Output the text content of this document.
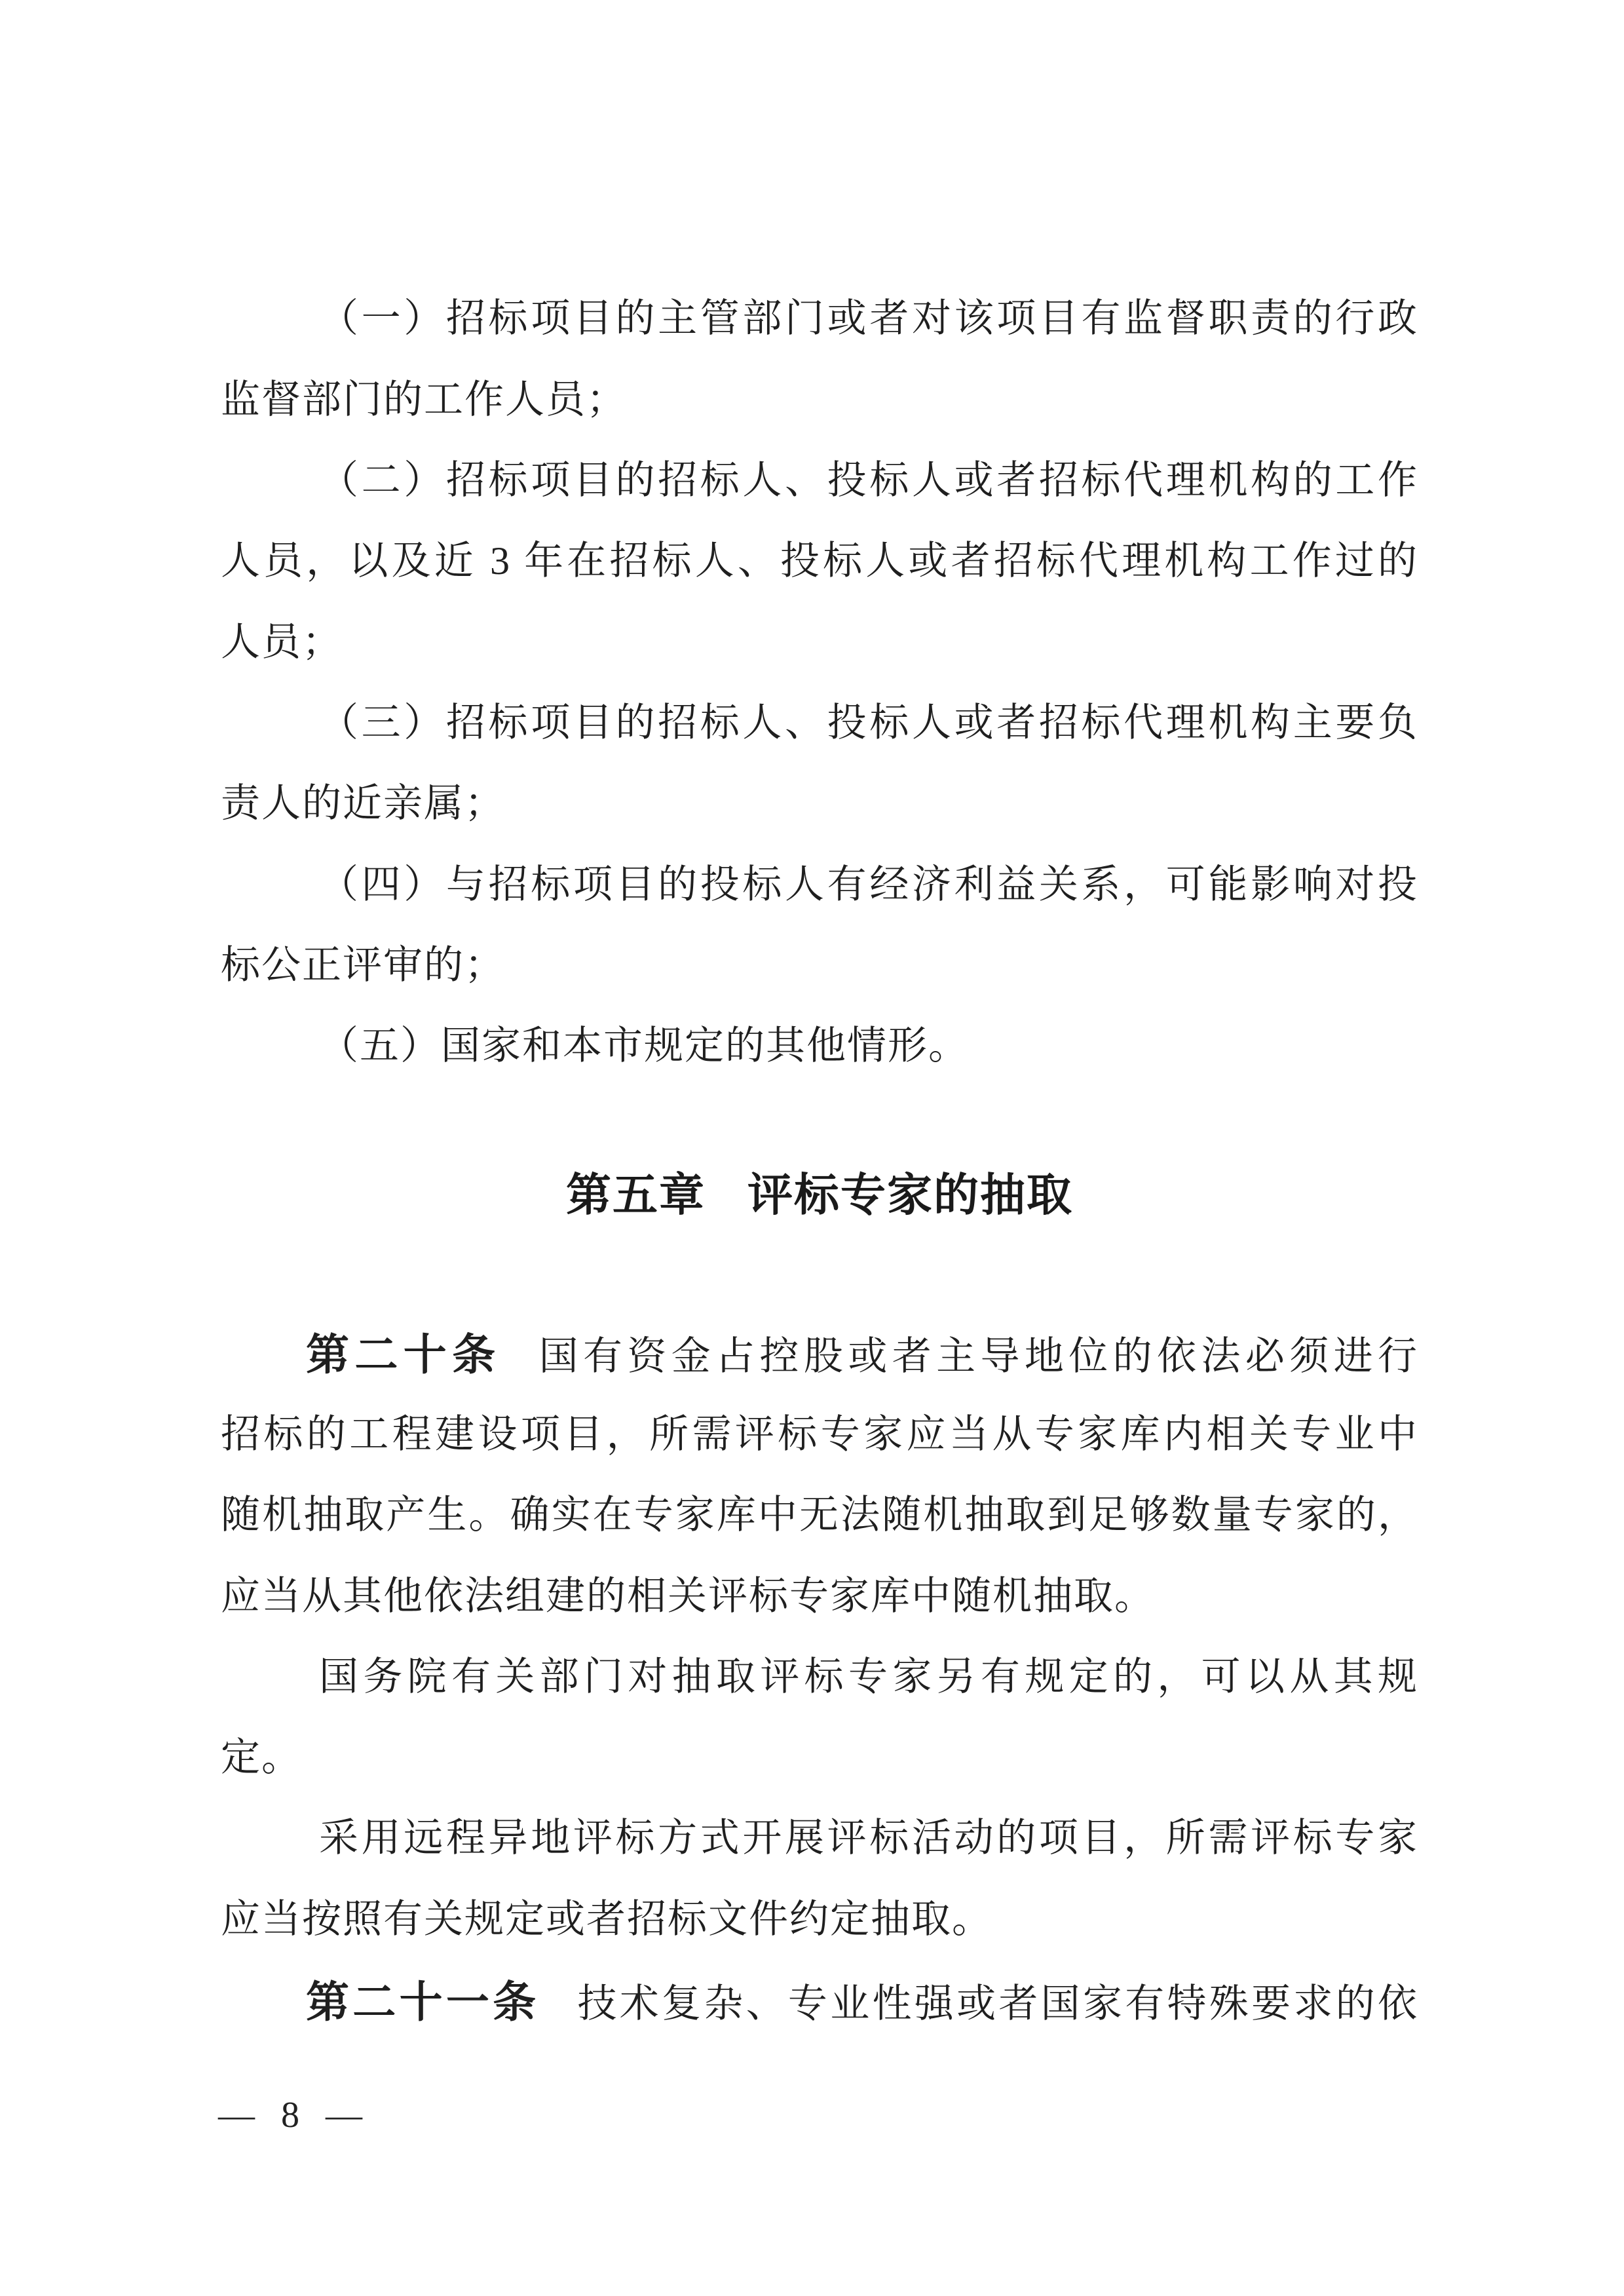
（一）招标项目的主管部门或者对该项目有监督职责的行政
监督部门的工作人员；
（二）招标项目的招标人、投标人或者招标代理机构的工作
人员，以及近 3 年在招标人、投标人或者招标代理机构工作过的
人员；
（三）招标项目的招标人、投标人或者招标代理机构主要负
责人的近亲属；
（四）与招标项目的投标人有经济利益关系，可能影响对投
标公正评审的；
（五）国家和本市规定的其他情形。
第五章 评标专家的抽取
第二十条 国有资金占控股或者主导地位的依法必须进行
招标的工程建设项目，所需评标专家应当从专家库内相关专业中
随机抽取产生。确实在专家库中无法随机抽取到足够数量专家的，
应当从其他依法组建的相关评标专家库中随机抽取。
国务院有关部门对抽取评标专家另有规定的，可以从其规
定。
采用远程异地评标方式开展评标活动的项目，所需评标专家
应当按照有关规定或者招标文件约定抽取。
第二十一条 技术复杂、专业性强或者国家有特殊要求的依
— 8 —
